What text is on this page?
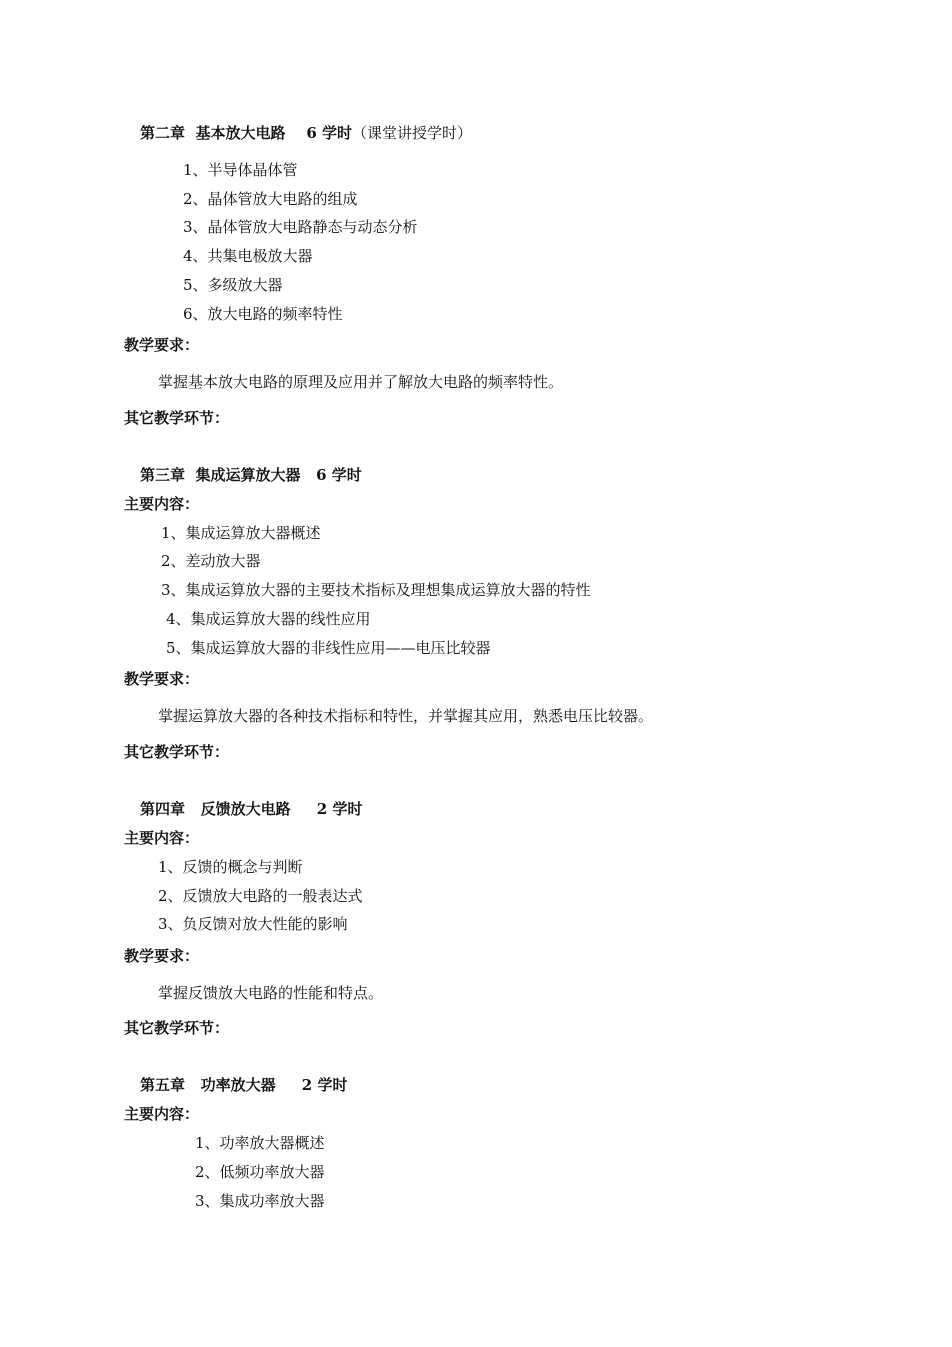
第二章  基本放大电路 6 学时（课堂讲授学时）
1、半导体晶体管
2、晶体管放大电路的组成
3、晶体管放大电路静态与动态分析
4、共集电极放大器
5、多级放大器
6、放大电路的频率特性
教学要求：
掌握基本放大电路的原理及应用并了解放大电路的频率特性。
其它教学环节：
第三章  集成运算放大器 6 学时
主要内容：
1、集成运算放大器概述
2、差动放大器
3、集成运算放大器的主要技术指标及理想集成运算放大器的特性
4、集成运算放大器的线性应用
5、集成运算放大器的非线性应用——电压比较器
教学要求：
掌握运算放大器的各种技术指标和特性，并掌握其应用，熟悉电压比较器。
其它教学环节：
第四章   反馈放大电路 2 学时
主要内容：
1、反馈的概念与判断
2、反馈放大电路的一般表达式
3、负反馈对放大性能的影响
教学要求：
掌握反馈放大电路的性能和特点。
其它教学环节：
第五章   功率放大器 2 学时
主要内容：
1、功率放大器概述
2、低频功率放大器
3、集成功率放大器
